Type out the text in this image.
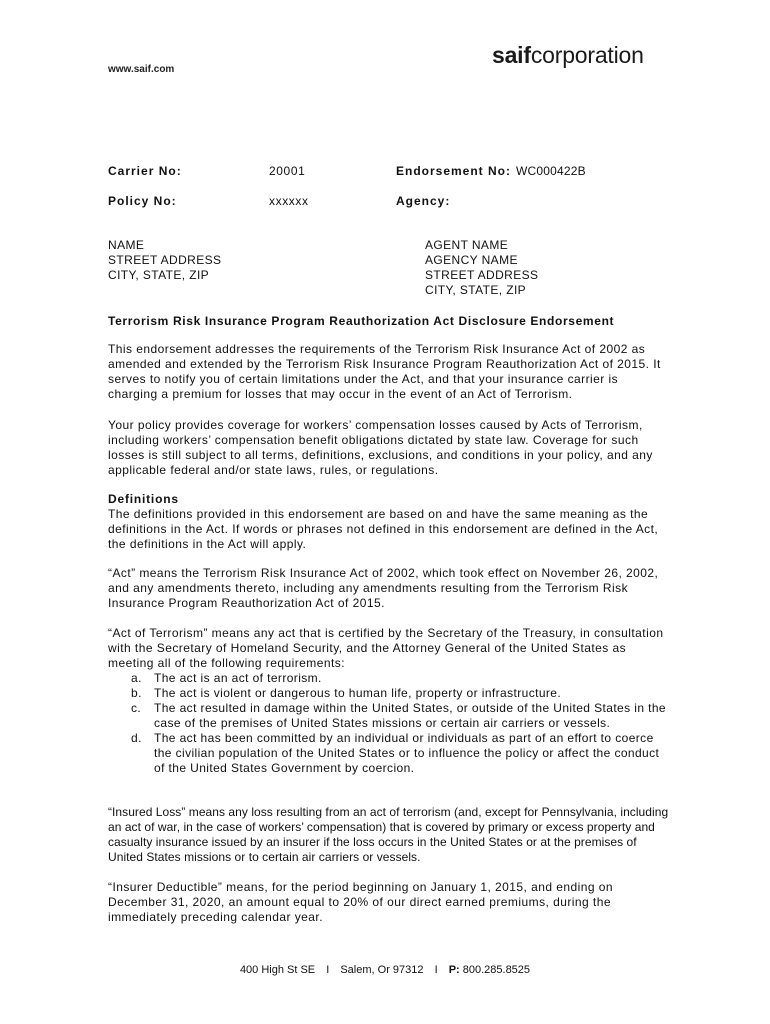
www.saif.com
saifcorporation
Carrier No:	20001	Endorsement No: WC000422B
Policy No:	xxxxxx	Agency:
NAME
STREET ADDRESS
CITY, STATE, ZIP
AGENT NAME
AGENCY NAME
STREET ADDRESS
CITY, STATE, ZIP
Terrorism Risk Insurance Program Reauthorization Act Disclosure Endorsement

This endorsement addresses the requirements of the Terrorism Risk Insurance Act of 2002 as amended and extended by the Terrorism Risk Insurance Program Reauthorization Act of 2015. It serves to notify you of certain limitations under the Act, and that your insurance carrier is charging a premium for losses that may occur in the event of an Act of Terrorism.

Your policy provides coverage for workers’ compensation losses caused by Acts of Terrorism, including workers’ compensation benefit obligations dictated by state law. Coverage for such losses is still subject to all terms, definitions, exclusions, and conditions in your policy, and any applicable federal and/or state laws, rules, or regulations.

Definitions

The definitions provided in this endorsement are based on and have the same meaning as the definitions in the Act. If words or phrases not defined in this endorsement are defined in the Act, the definitions in the Act will apply.

“Act” means the Terrorism Risk Insurance Act of 2002, which took effect on November 26, 2002, and any amendments thereto, including any amendments resulting from the Terrorism Risk Insurance Program Reauthorization Act of 2015.

“Act of Terrorism” means any act that is certified by the Secretary of the Treasury, in consultation with the Secretary of Homeland Security, and the Attorney General of the United States as meeting all of the following requirements:

a. The act is an act of terrorism.
b. The act is violent or dangerous to human life, property or infrastructure.
c. The act resulted in damage within the United States, or outside of the United States in the case of the premises of United States missions or certain air carriers or vessels.
d. The act has been committed by an individual or individuals as part of an effort to coerce the civilian population of the United States or to influence the policy or affect the conduct of the United States Government by coercion.

“Insured Loss” means any loss resulting from an act of terrorism (and, except for Pennsylvania, including an act of war, in the case of workers’ compensation) that is covered by primary or excess property and casualty insurance issued by an insurer if the loss occurs in the United States or at the premises of United States missions or to certain air carriers or vessels.

“Insurer Deductible” means, for the period beginning on January 1, 2015, and ending on December 31, 2020, an amount equal to 20% of our direct earned premiums, during the immediately preceding calendar year.

400 High St SE I Salem, Or 97312 I P: 800.285.8525
